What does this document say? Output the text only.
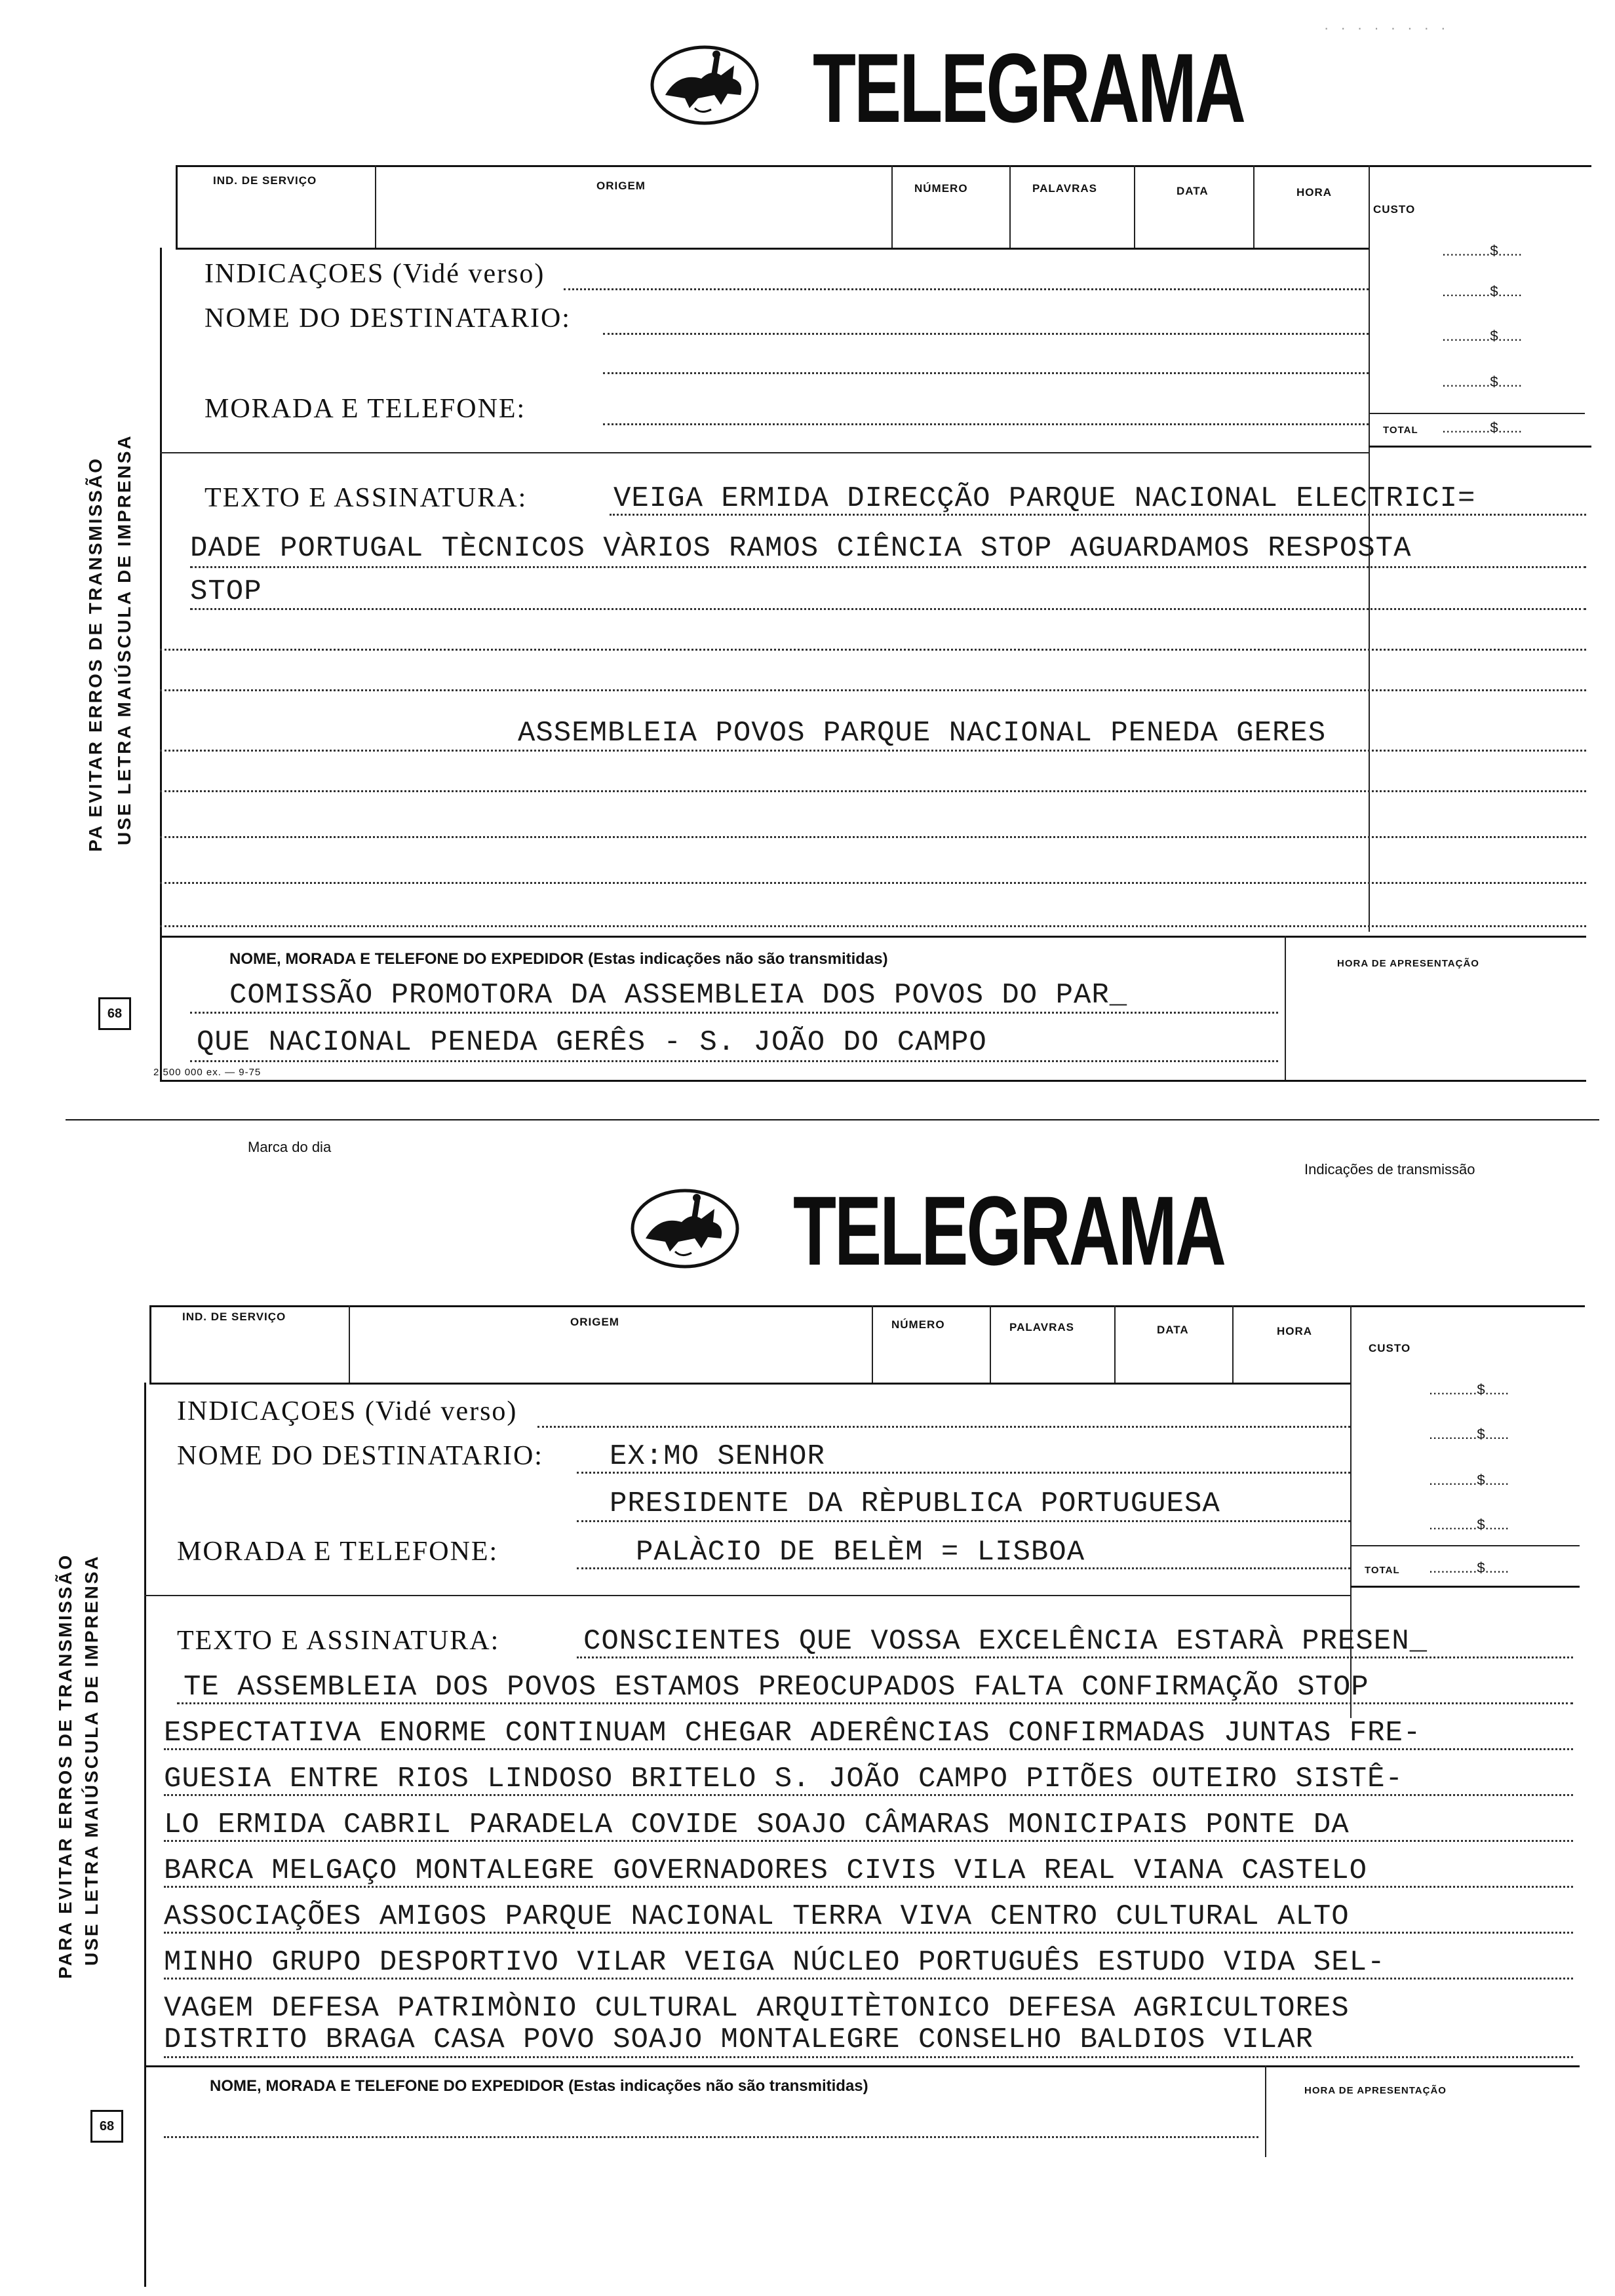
TELEGRAMA
· · · · · · · ·
IND. DE SERVIÇO	ORIGEM	NÚMERO	PALAVRAS	DATA	HORA
CUSTO
............$......
............$......
............$......
............$......
TOTAL ............$......
INDICAÇOES (Vidé verso)
NOME DO DESTINATARIO:
MORADA E TELEFONE:
TEXTO E ASSINATURA:	VEIGA ERMIDA DIRECÇÃO PARQUE NACIONAL ELECTRICI=
DADE PORTUGAL TÈCNICOS VÀRIOS RAMOS CIÊNCIA STOP AGUARDAMOS RESPOSTA
STOP
ASSEMBLEIA POVOS PARQUE NACIONAL PENEDA GERES
NOME, MORADA E TELEFONE DO EXPEDIDOR (Estas indicações não são transmitidas)	HORA DE APRESENTAÇÃO
COMISSÃO PROMOTORA DA ASSEMBLEIA DOS POVOS DO PAR_
QUE NACIONAL PENEDA GERÊS - S. JOÃO DO CAMPO
2 500 000 ex. — 9-75
PA EVITAR ERROS DE TRANSMISSÃO USE LETRA MAIÚSCULA DE IMPRENSA
68
Marca do dia
Indicações de transmissão
TELEGRAMA
IND. DE SERVIÇO	ORIGEM	NÚMERO	PALAVRAS	DATA	HORA
CUSTO
............$......
............$......
............$......
............$......
TOTAL ............$......
INDICAÇOES (Vidé verso)
NOME DO DESTINATARIO: EX:MO SENHOR
PRESIDENTE DA RÈPUBLICA PORTUGUESA
MORADA E TELEFONE:	PALÀCIO DE BELÈM = LISBOA
TEXTO E ASSINATURA:	CONSCIENTES QUE VOSSA EXCELÊNCIA ESTARÀ PRESEN_
TE ASSEMBLEIA DOS POVOS ESTAMOS PREOCUPADOS FALTA CONFIRMAÇÃO STOP
ESPECTATIVA ENORME CONTINUAM CHEGAR ADERÊNCIAS CONFIRMADAS JUNTAS FRE-
GUESIA ENTRE RIOS LINDOSO BRITELO S. JOÃO CAMPO PITÕES OUTEIRO SISTÊ-
LO ERMIDA CABRIL PARADELA COVIDE SOAJO CÂMARAS MONICIPAIS PONTE DA
BARCA MELGAÇO MONTALEGRE GOVERNADORES CIVIS VILA REAL VIANA CASTELO
ASSOCIAÇÕES AMIGOS PARQUE NACIONAL TERRA VIVA CENTRO CULTURAL ALTO
MINHO GRUPO DESPORTIVO VILAR VEIGA NÚCLEO PORTUGUÊS ESTUDO VIDA SEL-
VAGEM DEFESA PATRIMÒNIO CULTURAL ARQUITÈTONICO DEFESA AGRICULTORES
DISTRITO BRAGA CASA POVO SOAJO MONTALEGRE CONSELHO BALDIOS VILAR
NOME, MORADA E TELEFONE DO EXPEDIDOR (Estas indicações não são transmitidas)	HORA DE APRESENTAÇÃO
PARA EVITAR ERROS DE TRANSMISSÃO USE LETRA MAIÚSCULA DE IMPRENSA
68
